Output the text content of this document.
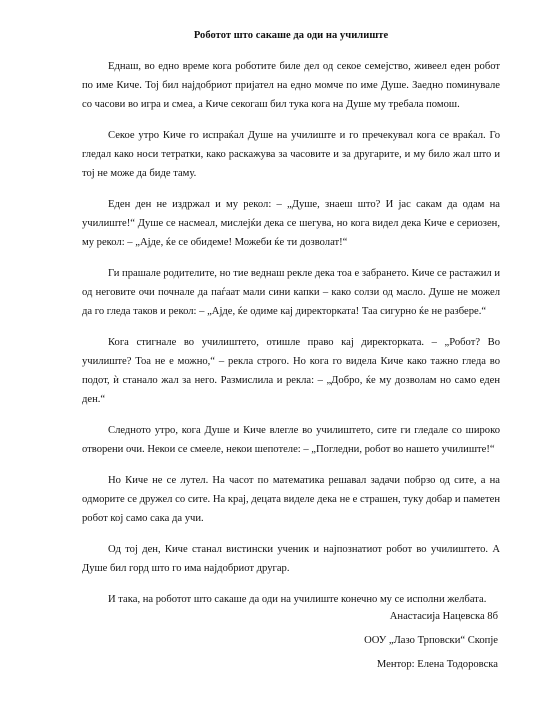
Роботот што сакаше да оди на училиште

Еднаш, во едно време кога роботите биле дел од секое семејство, живеел еден робот по име Киче. Тој бил најдобриот пријател на едно момче по име Душе. Заедно поминувале со часови во игра и смеа, а Киче секогаш бил тука кога на Душе му требала помош.

Секое утро Киче го испраќал Душе на училиште и го пречекувал кога се враќал. Го гледал како носи тетратки, како раскажува за часовите и за другарите, и му било жал што и тој не може да биде таму.

Еден ден не издржал и му рекол: – „Душе, знаеш што? И јас сакам да одам на училиште!“ Душе се насмеал, мислејќи дека се шегува, но кога видел дека Киче е сериозен, му рекол: – „Ајде, ќе се обидеме! Можеби ќе ти дозволат!“

Ги прашале родителите, но тие веднаш рекле дека тоа е забрането. Киче се растажил и од неговите очи почнале да паѓаат мали сини капки – како солзи од масло. Душе не можел да го гледа таков и рекол: – „Ајде, ќе одиме кај директорката! Таа сигурно ќе не разбере.“

Кога стигнале во училиштето, отишле право кај директорката. – „Робот? Во училиште? Тоа не е можно,“ – рекла строго. Но кога го видела Киче како тажно гледа во подот, ѝ станало жал за него. Размислила и рекла: – „Добро, ќе му дозволам но само еден ден.“

Следното утро, кога Душе и Киче влегле во училиштето, сите ги гледале со широко отворени очи. Некои се смееле, некои шепотеле: – „Погледни, робот во нашето училиште!“

Но Киче не се лутел. На часот по математика решавал задачи побрзо од сите, а на одморите се дружел со сите. На крај, децата виделе дека не е страшен, туку добар и паметен робот кој само сака да учи.

Од тој ден, Киче станал вистински ученик и најпознатиот робот во училиштето. А Душе бил горд што го има најдобриот другар.

И така, на роботот што сакаше да оди на училиште конечно му се исполни желбата.

Анастасија Нацевска 8б
ООУ „Лазо Трповски“ Скопје
Ментор: Елена Тодоровска
